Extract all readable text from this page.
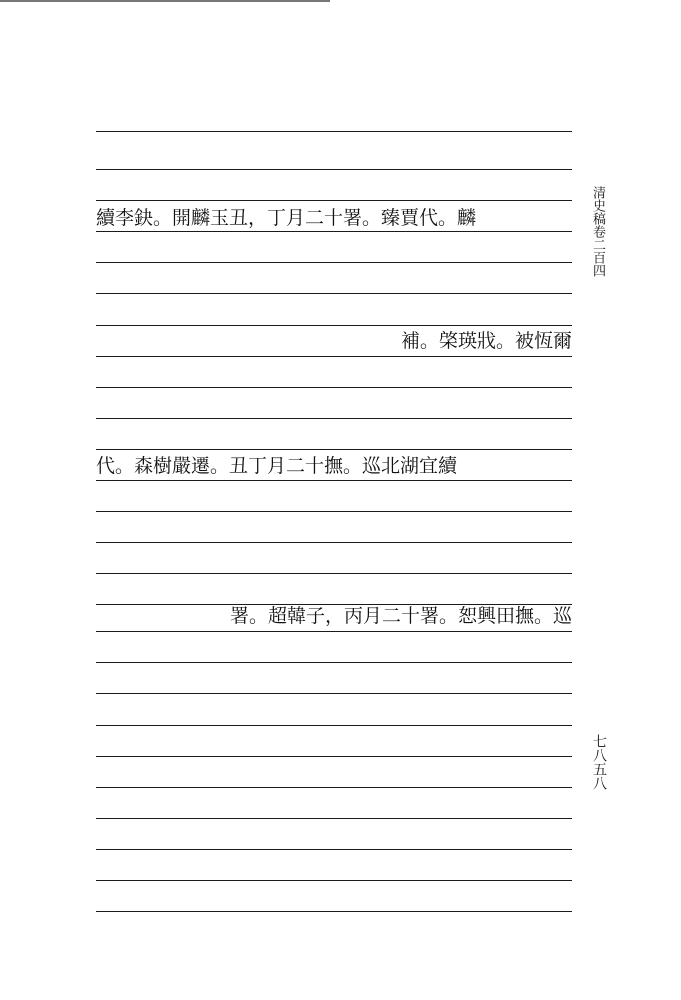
續李鈌。開麟玉丑，丁月二十署。臻賈代。麟
補。棨瑛戕。被恆爾
代。森樹嚴遷。丑丁月二十撫。巡北湖宜續
署。超韓子，丙月二十署。恕興田撫。巡
清史稿卷二百四
七八五八
